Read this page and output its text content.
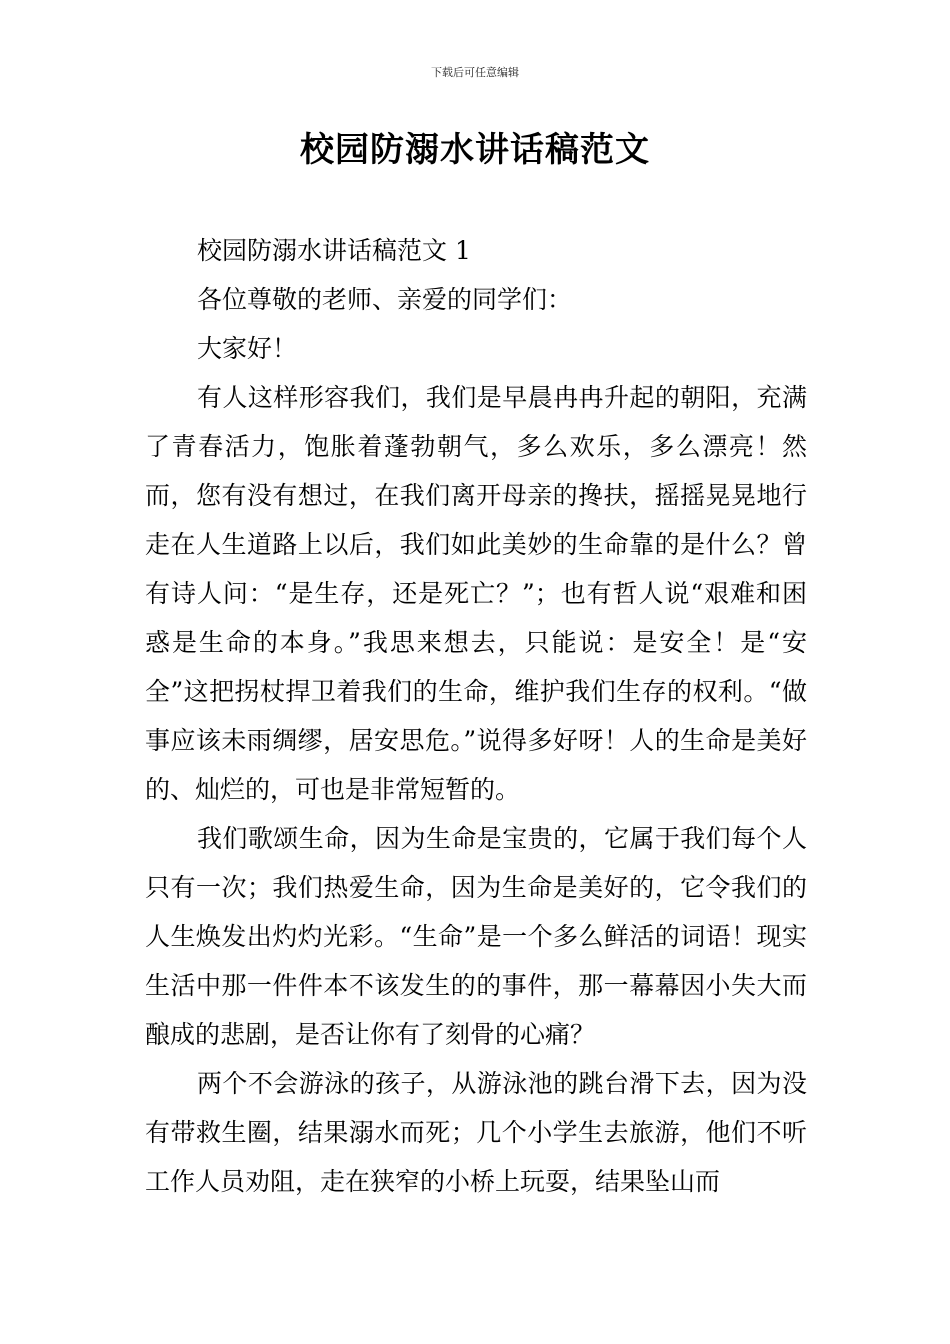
下载后可任意编辑
校园防溺水讲话稿范文

校园防溺水讲话稿范文 1

各位尊敬的老师、亲爱的同学们：

大家好！

有人这样形容我们，我们是早晨冉冉升起的朝阳，充满了青春活力，饱胀着蓬勃朝气，多么欢乐，多么漂亮！然而，您有没有想过，在我们离开母亲的搀扶，摇摇晃晃地行走在人生道路上以后，我们如此美妙的生命靠的是什么？曾有诗人问：“是生存，还是死亡？”；也有哲人说“艰难和困惑是生命的本身。”我思来想去，只能说：是安全！是“安全”这把拐杖捍卫着我们的生命，维护我们生存的权利。“做事应该未雨绸缪，居安思危。”说得多好呀！人的生命是美好的、灿烂的，可也是非常短暂的。

我们歌颂生命，因为生命是宝贵的，它属于我们每个人只有一次；我们热爱生命，因为生命是美好的，它令我们的人生焕发出灼灼光彩。“生命”是一个多么鲜活的词语！现实生活中那一件件本不该发生的的事件，那一幕幕因小失大而酿成的悲剧，是否让你有了刻骨的心痛？

两个不会游泳的孩子，从游泳池的跳台滑下去，因为没有带救生圈，结果溺水而死；几个小学生去旅游，他们不听工作人员劝阻，走在狭窄的小桥上玩耍，结果坠山而
